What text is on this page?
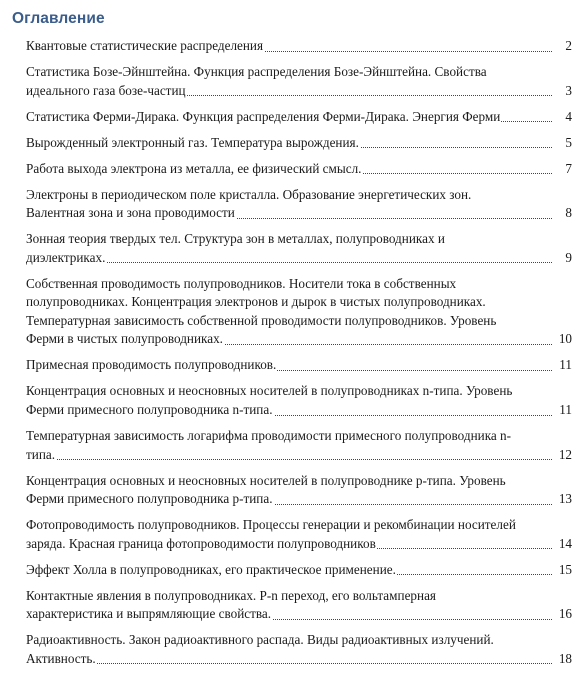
Оглавление
Квантовые статистические распределения	2
Статистика Бозе-Эйнштейна. Функция распределения Бозе-Эйнштейна. Свойства
идеального газа бозе-частиц	3
Статистика Ферми-Дирака. Функция распределения Ферми-Дирака. Энергия Ферми	4
Вырожденный электронный газ. Температура вырождения.	5
Работа выхода электрона из металла, ее физический смысл.	7
Электроны в периодическом поле кристалла. Образование энергетических зон.
Валентная зона и зона проводимости	8
Зонная теория твердых тел. Структура зон в металлах, полупроводниках и
диэлектриках.	9
Собственная проводимость полупроводников. Носители тока в собственных
полупроводниках. Концентрация электронов и дырок в чистых полупроводниках.
Температурная зависимость собственной проводимости полупроводников. Уровень
Ферми в чистых полупроводниках.	10
Примесная проводимость полупроводников.	11
Концентрация основных и неосновных носителей в полупроводниках n-типа. Уровень
Ферми примесного полупроводника n-типа.	11
Температурная зависимость логарифма проводимости примесного полупроводника n-
типа.	12
Концентрация основных и неосновных носителей в полупроводнике p-типа. Уровень
Ферми примесного полупроводника p-типа.	13
Фотопроводимость полупроводников. Процессы генерации и рекомбинации носителей
заряда. Красная граница фотопроводимости полупроводников	14
Эффект Холла в полупроводниках, его практическое применение.	15
Контактные явления в полупроводниках. P-n переход, его вольтамперная
характеристика и выпрямляющие свойства.	16
Радиоактивность. Закон радиоактивного распада. Виды радиоактивных излучений.
Активность.	18
